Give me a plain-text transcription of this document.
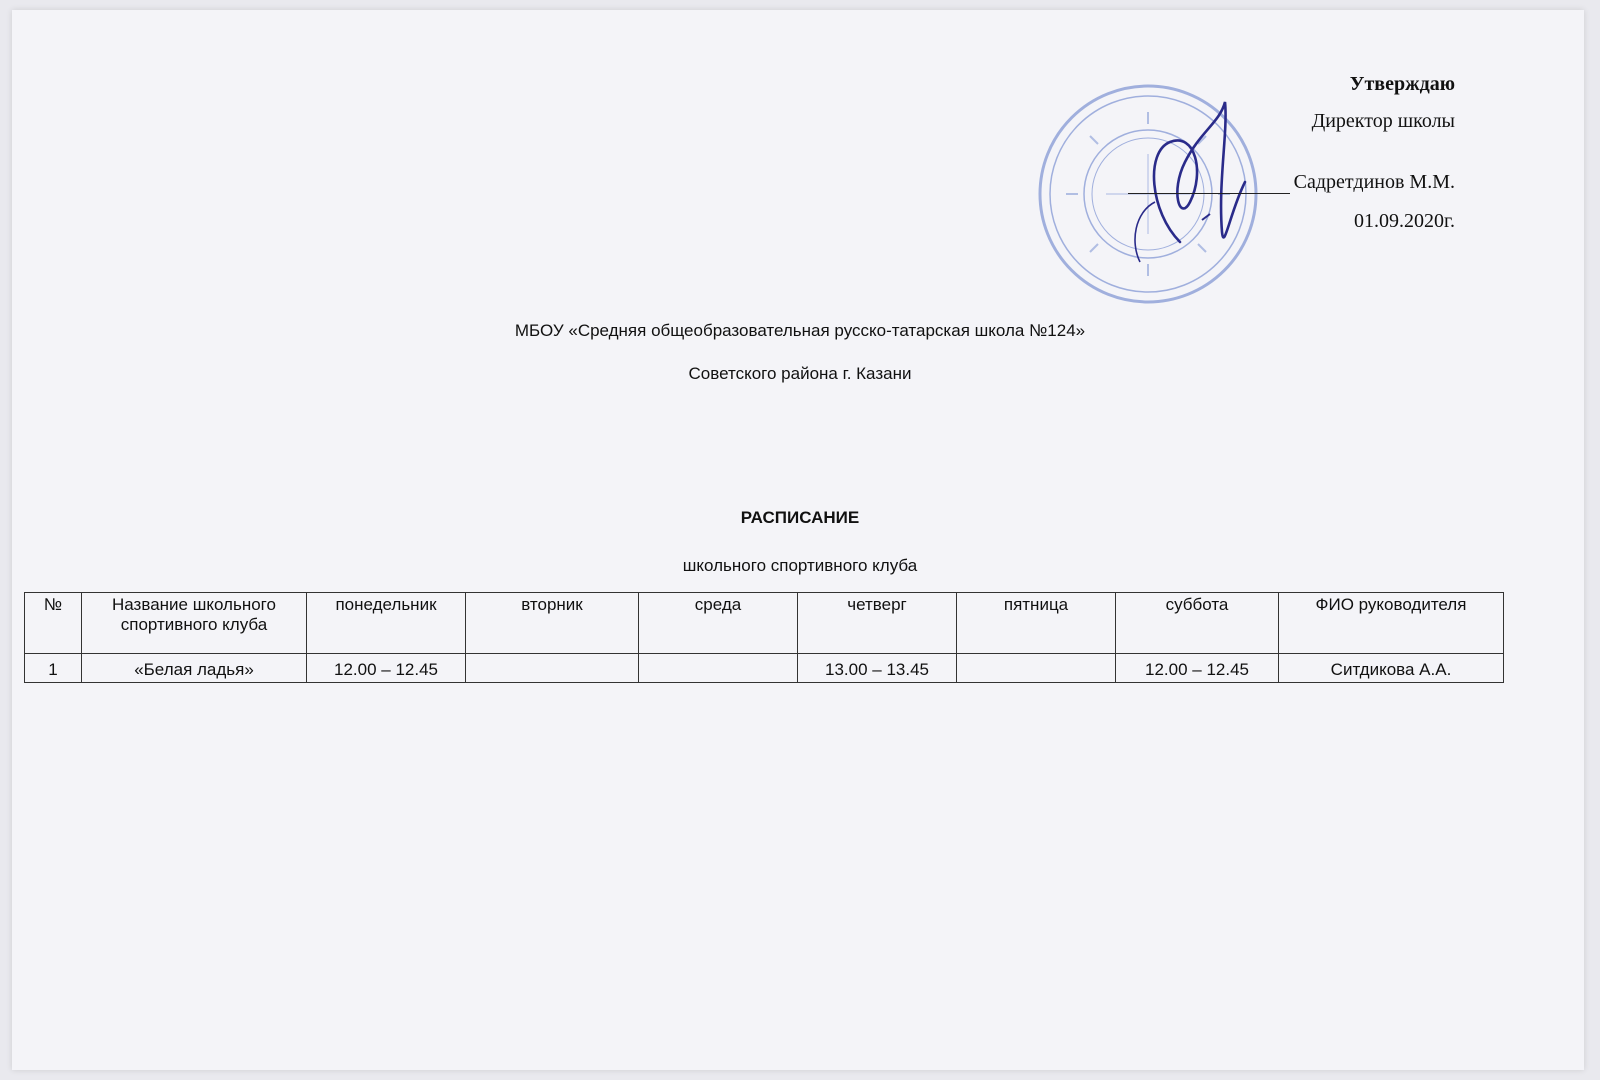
Утверждаю
Директор школы
Садретдинов М.М.
01.09.2020г.
МБОУ «Средняя общеобразовательная русско-татарская школа №124»
Советского района г. Казани
РАСПИСАНИЕ
школьного спортивного клуба
№	Название школьного спортивного клуба	понедельник	вторник	среда	четверг	пятница	суббота	ФИО руководителя
1	«Белая ладья»	12.00 – 12.45			13.00 – 13.45		12.00 – 12.45	Ситдикова А.А.
